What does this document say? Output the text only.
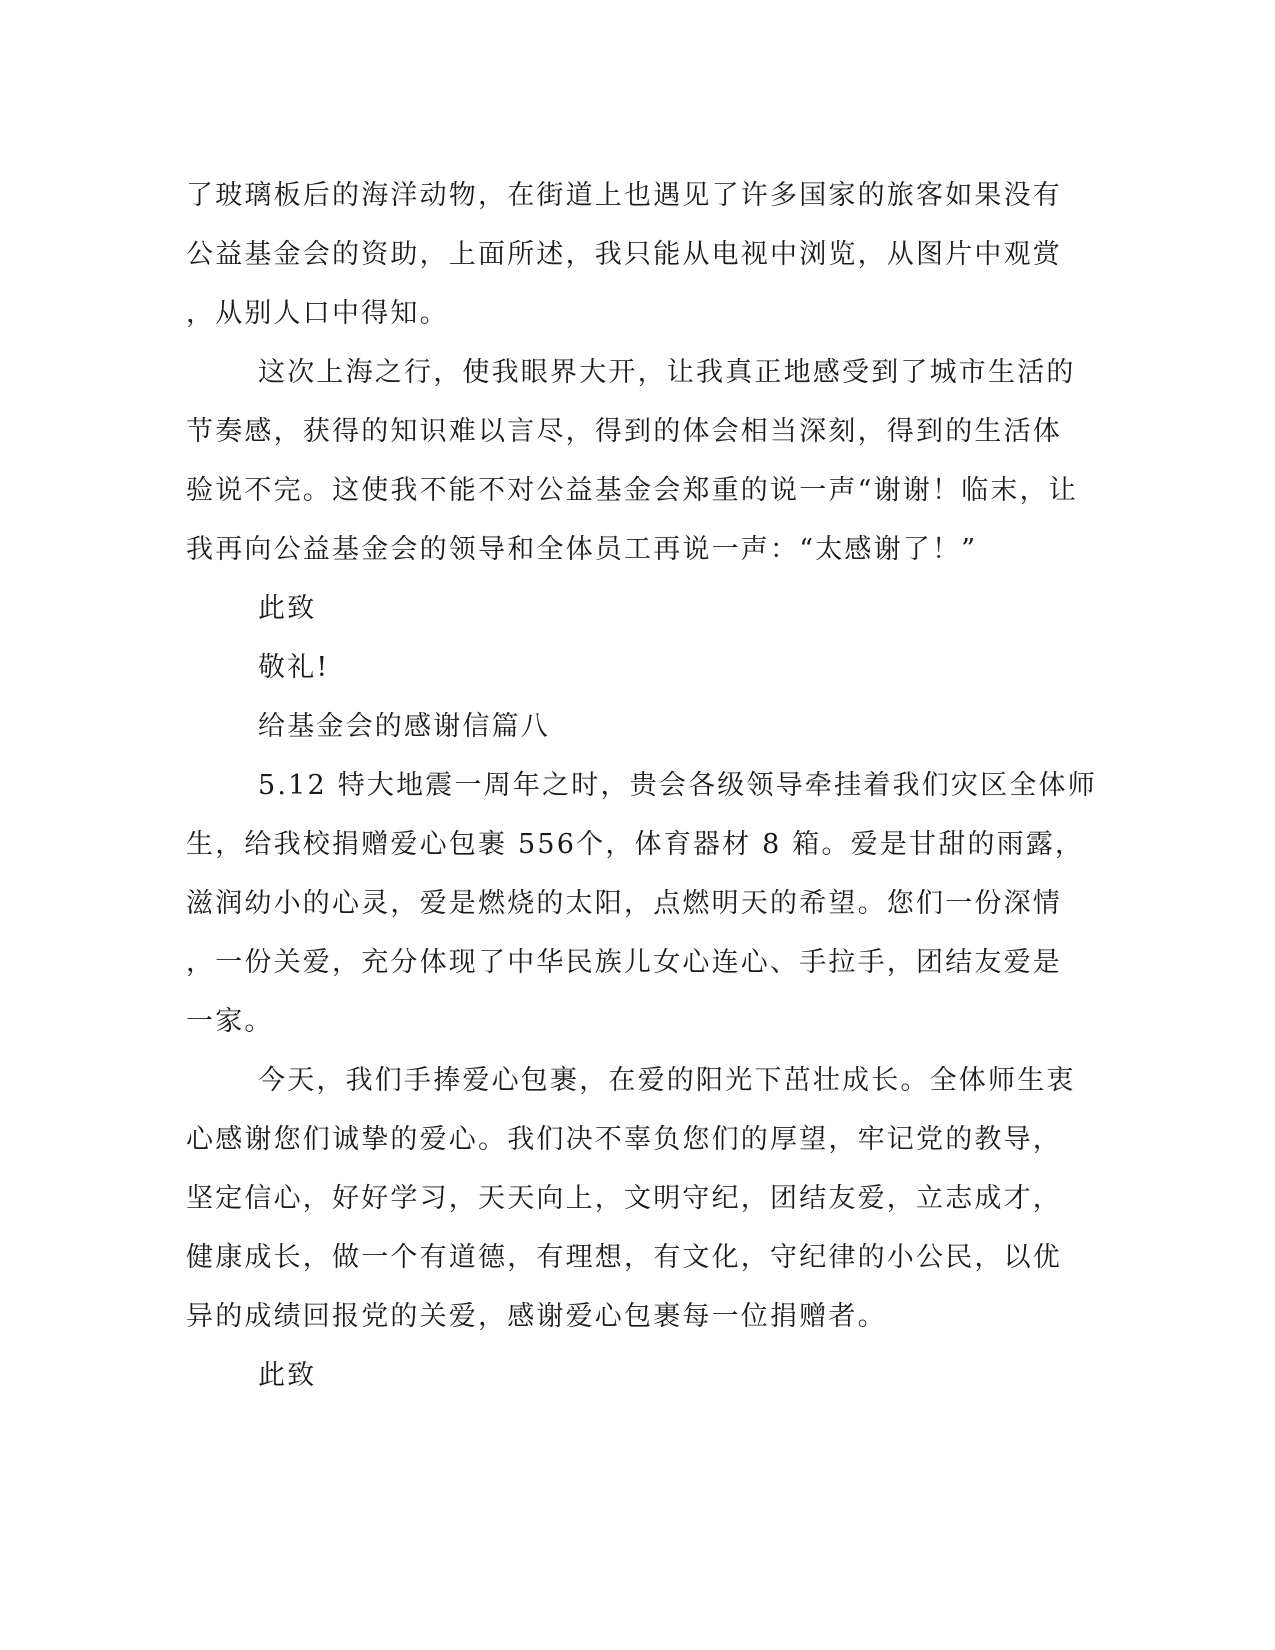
了玻璃板后的海洋动物，在街道上也遇见了许多国家的旅客如果没有
公益基金会的资助，上面所述，我只能从电视中浏览，从图片中观赏
，从别人口中得知。
这次上海之行，使我眼界大开，让我真正地感受到了城市生活的
节奏感，获得的知识难以言尽，得到的体会相当深刻，得到的生活体
验说不完。这使我不能不对公益基金会郑重的说一声“谢谢！临末，让
我再向公益基金会的领导和全体员工再说一声：“太感谢了！”
此致
敬礼!
给基金会的感谢信篇八
5.12 特大地震一周年之时，贵会各级领导牵挂着我们灾区全体师
生，给我校捐赠爱心包裹 556个，体育器材 8 箱。爱是甘甜的雨露，
滋润幼小的心灵，爱是燃烧的太阳，点燃明天的希望。您们一份深情
，一份关爱，充分体现了中华民族儿女心连心、手拉手，团结友爱是
一家。
今天，我们手捧爱心包裹，在爱的阳光下茁壮成长。全体师生衷
心感谢您们诚挚的爱心。我们决不辜负您们的厚望，牢记党的教导，
坚定信心，好好学习，天天向上，文明守纪，团结友爱，立志成才，
健康成长，做一个有道德，有理想，有文化，守纪律的小公民，以优
异的成绩回报党的关爱，感谢爱心包裹每一位捐赠者。
此致
